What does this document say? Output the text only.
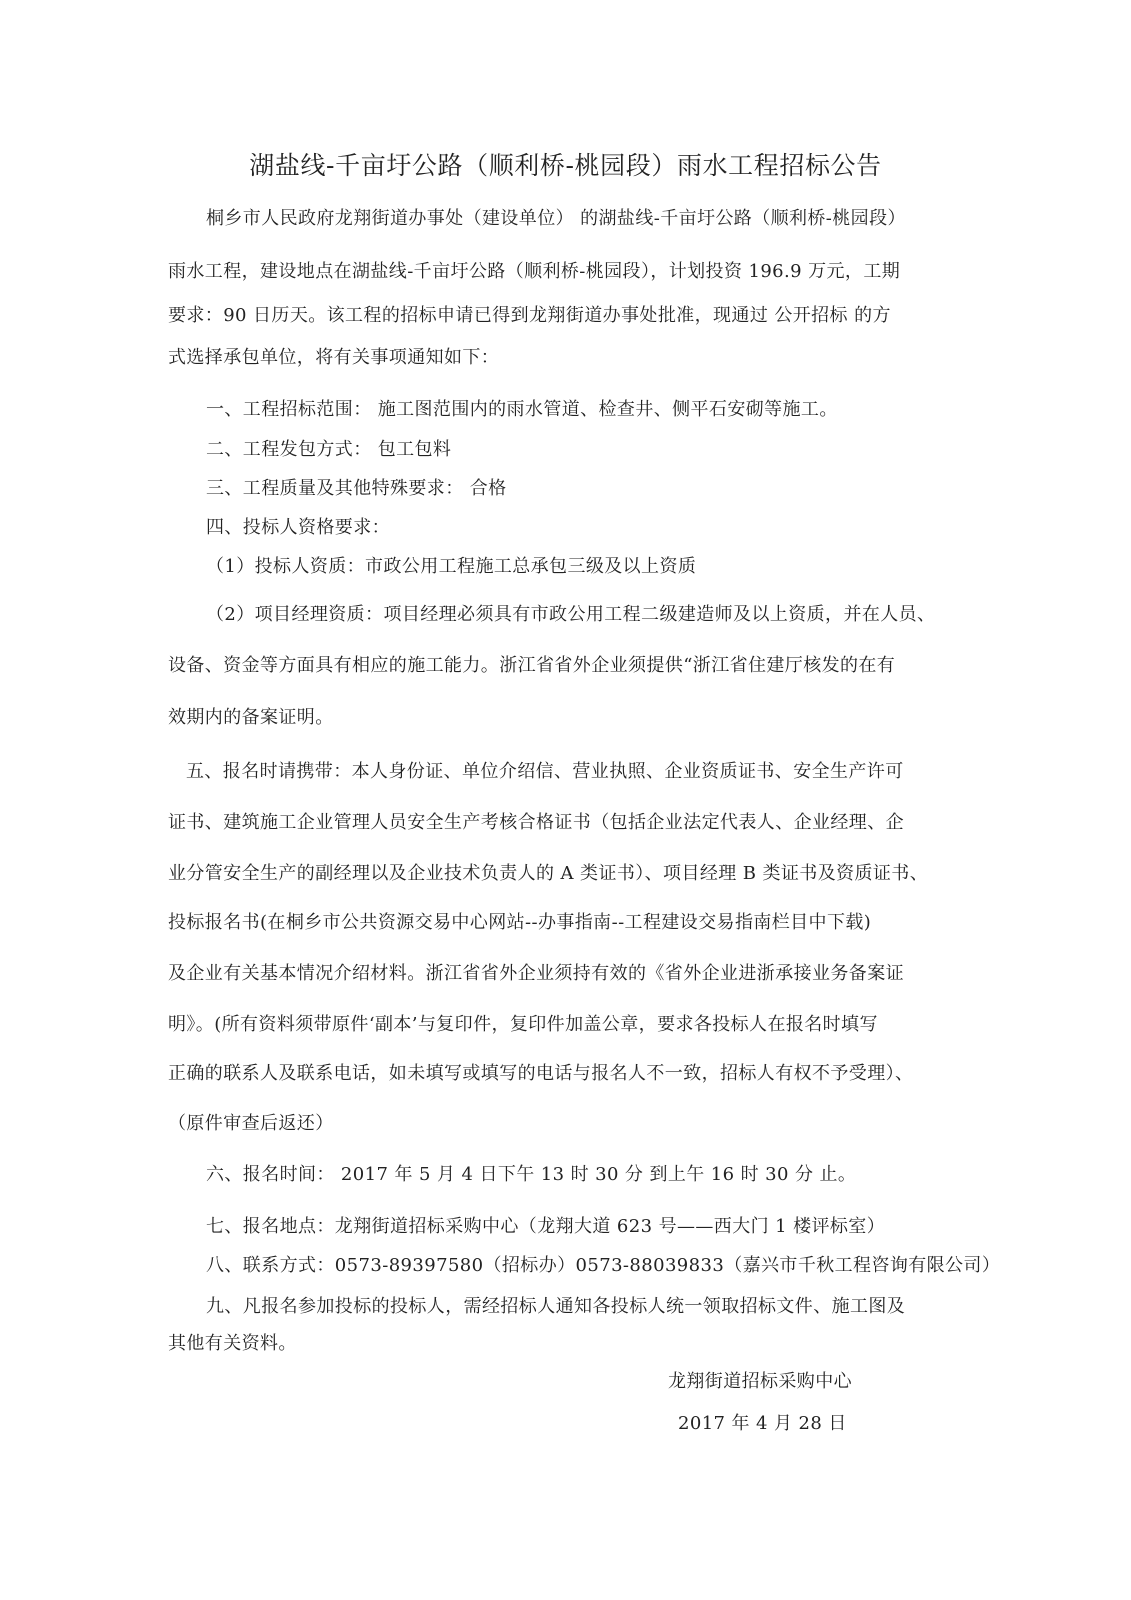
湖盐线-千亩圩公路（顺利桥-桃园段）雨水工程招标公告

桐乡市人民政府龙翔街道办事处（建设单位） 的湖盐线-千亩圩公路（顺利桥-桃园段）

雨水工程，建设地点在湖盐线-千亩圩公路（顺利桥-桃园段），计划投资 196.9 万元，工期

要求：90 日历天。该工程的招标申请已得到龙翔街道办事处批准，现通过 公开招标 的方

式选择承包单位，将有关事项通知如下：

一、工程招标范围： 施工图范围内的雨水管道、检查井、侧平石安砌等施工。

二、工程发包方式： 包工包料

三、工程质量及其他特殊要求： 合格

四、投标人资格要求：

（1）投标人资质：市政公用工程施工总承包三级及以上资质

（2）项目经理资质：项目经理必须具有市政公用工程二级建造师及以上资质，并在人员、

设备、资金等方面具有相应的施工能力。浙江省省外企业须提供“浙江省住建厅核发的在有

效期内的备案证明。

五、报名时请携带：本人身份证、单位介绍信、营业执照、企业资质证书、安全生产许可

证书、建筑施工企业管理人员安全生产考核合格证书（包括企业法定代表人、企业经理、企

业分管安全生产的副经理以及企业技术负责人的 A 类证书）、项目经理 B 类证书及资质证书、

投标报名书(在桐乡市公共资源交易中心网站--办事指南--工程建设交易指南栏目中下载)

及企业有关基本情况介绍材料。浙江省省外企业须持有效的《省外企业进浙承接业务备案证

明》。(所有资料须带原件‘副本’与复印件，复印件加盖公章，要求各投标人在报名时填写

正确的联系人及联系电话，如未填写或填写的电话与报名人不一致，招标人有权不予受理）、

（原件审查后返还）

六、报名时间： 2017 年 5 月 4 日下午 13 时 30 分 到上午 16 时 30 分 止。

七、报名地点：龙翔街道招标采购中心（龙翔大道 623 号——西大门 1 楼评标室）

八、联系方式：0573-89397580（招标办）0573-88039833（嘉兴市千秋工程咨询有限公司）

九、凡报名参加投标的投标人，需经招标人通知各投标人统一领取招标文件、施工图及

其他有关资料。

龙翔街道招标采购中心

2017 年 4 月 28 日
